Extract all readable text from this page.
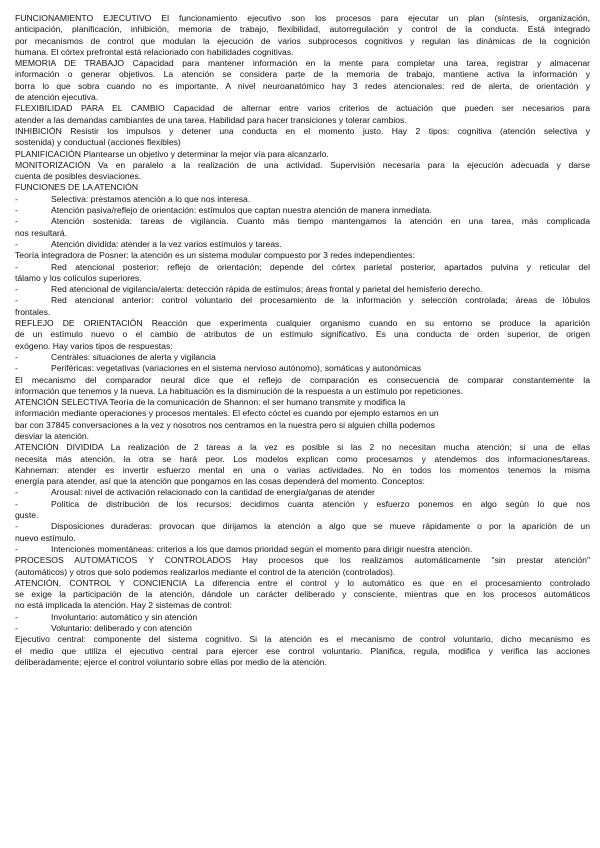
FUNCIONAMIENTO EJECUTIVO El funcionamiento ejecutivo son los procesos para ejecutar un plan (síntesis, organización,
anticipación, planificación, inhibición, memoria de trabajo, flexibilidad, autorregulación y control de la conducta. Está integrado
por mecanismos de control que modulan la ejecución de varios subprocesos cognitivos y regulan las dinámicas de la cognición
humana. El córtex prefrontal está relacionado con habilidades cognitivas.
MEMORIA DE TRABAJO Capacidad para mantener información en la mente para completar una tarea, registrar y almacenar
información o generar objetivos. La atención se considera parte de la memoria de trabajo, mantiene activa la información y
borra lo que sobra cuando no es importante. A nivel neuroanatómico hay 3 redes atencionales: red de alerta, de orientación y
de atención ejecutiva.
FLEXIBILIDAD PARA EL CAMBIO Capacidad de alternar entre varios criterios de actuación que pueden ser necesarios para
atender a las demandas cambiantes de una tarea. Habilidad para hacer transiciones y tolerar cambios.
INHIBICIÓN Resistir los impulsos y detener una conducta en el momento justo. Hay 2 tipos: cognitiva (atención selectiva y
sostenida) y conductual (acciones flexibles)
PLANIFICACIÓN Plantearse un objetivo y determinar la mejor vía para alcanzarlo.
MONITORIZACIÓN Va en paralelo a la realización de una actividad. Supervisión necesaria para la ejecución adecuada y darse
cuenta de posibles desviaciones.
FUNCIONES DE LA ATENCIÓN
-	Selectiva: prestamos atención a lo que nos interesa.
-	Atención pasiva/reflejo de orientación: estímulos que captan nuestra atención de manera inmediata.
-	Atención sostenida: tareas de vigilancia. Cuanto más tiempo mantengamos la atención en una tarea, más complicada
nos resultará.
-	Atención dividida: atender a la vez varios estímulos y tareas.
Teoría integradora de Posner: la atención es un sistema modular compuesto por 3 redes independientes:
-	Red atencional posterior: reflejo de orientación; depende del córtex parietal posterior, apartados pulvina y reticular del
tálamo y los colículos superiores.
-	Red atencional de vigilancia/alerta: detección rápida de estímulos; áreas frontal y parietal del hemisferio derecho.
-	Red atencional anterior: control voluntario del procesamiento de la información y selección controlada; áreas de lóbulos
frontales.
REFLEJO DE ORIENTACIÓN Reacción que experimenta cualquier organismo cuando en su entorno se produce la aparición
de un estímulo nuevo o el cambio de atributos de un estímulo significativo. Es una conducta de orden superior, de origen
exógeno. Hay varios tipos de respuestas:
-	Centrales: situaciones de alerta y vigilancia
-	Periféricas: vegetativas (variaciones en el sistema nervioso autónomo), somáticas y autonómicas
El mecanismo del comparador neural dice que el reflejo de comparación es consecuencia de comparar constantemente la
información que tenemos y la nueva. La habituación es la disminución de la respuesta a un estímulo por repeticiones.
ATENCIÓN SELECTIVA Teoría de la comunicación de Shannon: el ser humano transmite y modifica la
información mediante operaciones y procesos mentales. El efecto cóctel es cuando por ejemplo estamos en un
bar con 37845 conversaciones a la vez y nosotros nos centramos en la nuestra pero si alguien chilla podemos
desviar la atención.
ATENCIÓN DIVIDIDA La realización de 2 tareas a la vez es posible si las 2 no necesitan mucha atención; si una de ellas
necesita más atención, la otra se hará peor. Los modelos explican como procesamos y atendemos dos informaciones/tareas.
Kahneman: atender es invertir esfuerzo mental en una o varias actividades. No en todos los momentos tenemos la misma
energía para atender, así que la atención que pongamos en las cosas dependerá del momento. Conceptos:
-	Arousal: nivel de activación relacionado con la cantidad de energía/ganas de atender
-	Política de distribución de los recursos: decidimos cuanta atención y esfuerzo ponemos en algo según lo que nos
guste.
-	Disposiciones duraderas: provocan que dirijamos la atención a algo que se mueve rápidamente o por la aparición de un
nuevo estímulo.
-	Intenciones momentáneas: criterios a los que damos prioridad según el momento para dirigir nuestra atención.
PROCESOS AUTOMÁTICOS Y CONTROLADOS Hay procesos que los realizamos automáticamente "sin prestar atención"
(automáticos) y otros que solo podemos realizarlos mediante el control de la atención (controlados).
ATENCIÓN, CONTROL Y CONCIENCIA La diferencia entre el control y lo automático es que en el procesamiento controlado
se exige la participación de la atención, dándole un carácter deliberado y consciente, mientras que en los procesos automáticos
no está implicada la atención. Hay 2 sistemas de control:
-	Involuntario: automático y sin atención
-	Voluntario: deliberado y con atención
Ejecutivo central: componente del sistema cognitivo. Si la atención es el mecanismo de control voluntario, dicho mecanismo es
el medio que utiliza el ejecutivo central para ejercer ese control voluntario. Planifica, regula, modifica y verifica las acciones
deliberadamente; ejerce el control voluntario sobre ellas por medio de la atención.
